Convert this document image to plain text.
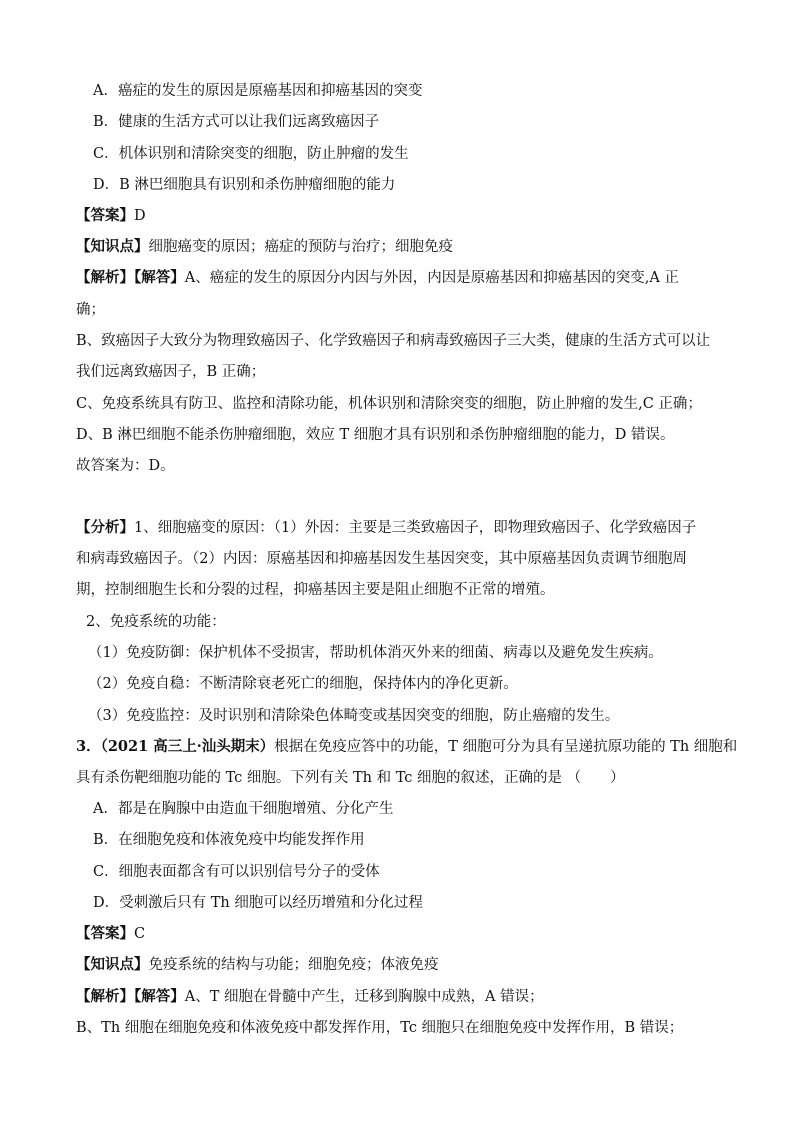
A．癌症的发生的原因是原癌基因和抑癌基因的突变
B．健康的生活方式可以让我们远离致癌因子
C．机体识别和清除突变的细胞，防止肿瘤的发生
D．B 淋巴细胞具有识别和杀伤肿瘤细胞的能力
【答案】D
【知识点】细胞癌变的原因；癌症的预防与治疗；细胞免疫
【解析】【解答】A、癌症的发生的原因分内因与外因，内因是原癌基因和抑癌基因的突变,A 正
确；
B、致癌因子大致分为物理致癌因子、化学致癌因子和病毒致癌因子三大类，健康的生活方式可以让
我们远离致癌因子，B 正确；
C、免疫系统具有防卫、监控和清除功能，机体识别和清除突变的细胞，防止肿瘤的发生,C 正确；
D、B 淋巴细胞不能杀伤肿瘤细胞，效应 T 细胞才具有识别和杀伤肿瘤细胞的能力，D 错误。
故答案为：D。
【分析】1、细胞癌变的原因：（1）外因：主要是三类致癌因子，即物理致癌因子、化学致癌因子
和病毒致癌因子。（2）内因：原癌基因和抑癌基因发生基因突变，其中原癌基因负责调节细胞周
期，控制细胞生长和分裂的过程，抑癌基因主要是阻止细胞不正常的增殖。
2、免疫系统的功能：
（1）免疫防御：保护机体不受损害，帮助机体消灭外来的细菌、病毒以及避免发生疾病。
（2）免疫自稳：不断清除衰老死亡的细胞，保持体内的净化更新。
（3）免疫监控：及时识别和清除染色体畸变或基因突变的细胞，防止癌瘤的发生。
3．（2021 高三上·汕头期末）根据在免疫应答中的功能，T 细胞可分为具有呈递抗原功能的 Th 细胞和
具有杀伤靶细胞功能的 Tc 细胞。下列有关 Th 和 Tc 细胞的叙述，正确的是 （　　）
A．都是在胸腺中由造血干细胞增殖、分化产生
B．在细胞免疫和体液免疫中均能发挥作用
C．细胞表面都含有可以识别信号分子的受体
D．受刺激后只有 Th 细胞可以经历增殖和分化过程
【答案】C
【知识点】免疫系统的结构与功能；细胞免疫；体液免疫
【解析】【解答】A、T 细胞在骨髓中产生，迁移到胸腺中成熟，A 错误；
B、Th 细胞在细胞免疫和体液免疫中都发挥作用，Tc 细胞只在细胞免疫中发挥作用，B 错误；
